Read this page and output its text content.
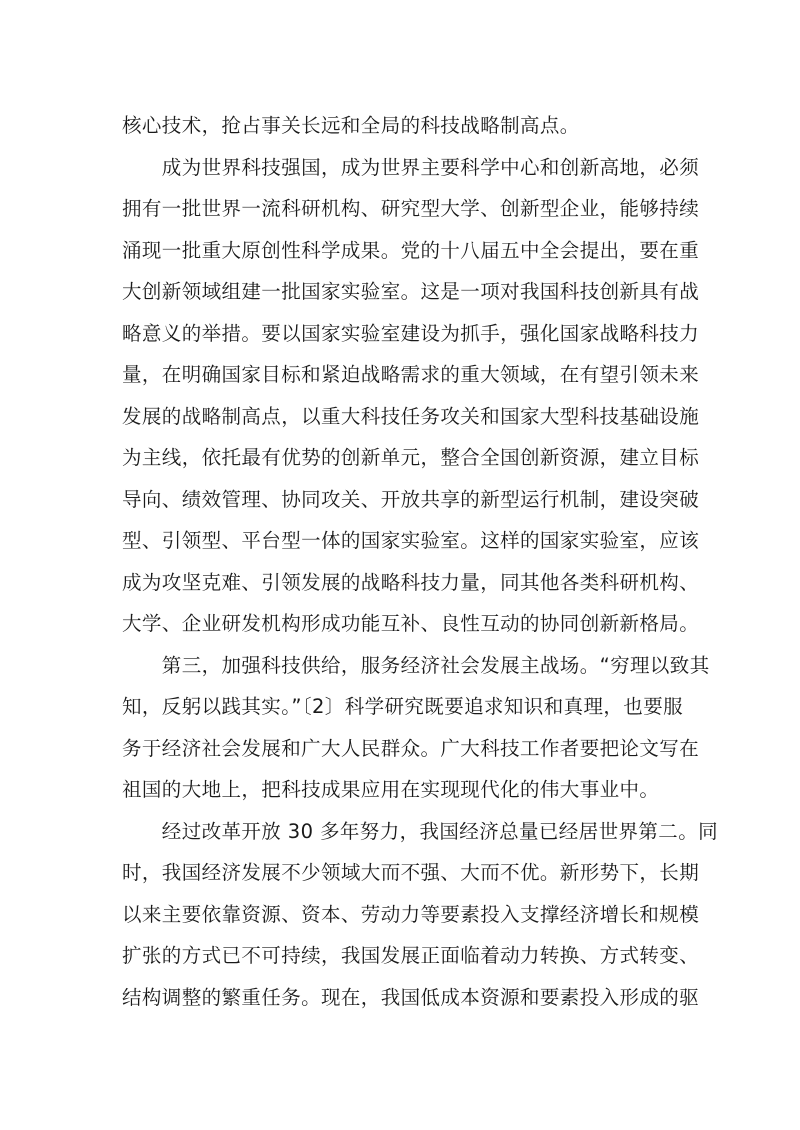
核心技术，抢占事关长远和全局的科技战略制高点。
　　成为世界科技强国，成为世界主要科学中心和创新高地，必须
拥有一批世界一流科研机构、研究型大学、创新型企业，能够持续
涌现一批重大原创性科学成果。党的十八届五中全会提出，要在重
大创新领域组建一批国家实验室。这是一项对我国科技创新具有战
略意义的举措。要以国家实验室建设为抓手，强化国家战略科技力
量，在明确国家目标和紧迫战略需求的重大领域，在有望引领未来
发展的战略制高点，以重大科技任务攻关和国家大型科技基础设施
为主线，依托最有优势的创新单元，整合全国创新资源，建立目标
导向、绩效管理、协同攻关、开放共享的新型运行机制，建设突破
型、引领型、平台型一体的国家实验室。这样的国家实验室，应该
成为攻坚克难、引领发展的战略科技力量，同其他各类科研机构、
大学、企业研发机构形成功能互补、良性互动的协同创新新格局。
　　第三，加强科技供给，服务经济社会发展主战场。“穷理以致其
知，反躬以践其实。”〔2〕科学研究既要追求知识和真理，也要服
务于经济社会发展和广大人民群众。广大科技工作者要把论文写在
祖国的大地上，把科技成果应用在实现现代化的伟大事业中。
　　经过改革开放 30 多年努力，我国经济总量已经居世界第二。同
时，我国经济发展不少领域大而不强、大而不优。新形势下，长期
以来主要依靠资源、资本、劳动力等要素投入支撑经济增长和规模
扩张的方式已不可持续，我国发展正面临着动力转换、方式转变、
结构调整的繁重任务。现在，我国低成本资源和要素投入形成的驱
